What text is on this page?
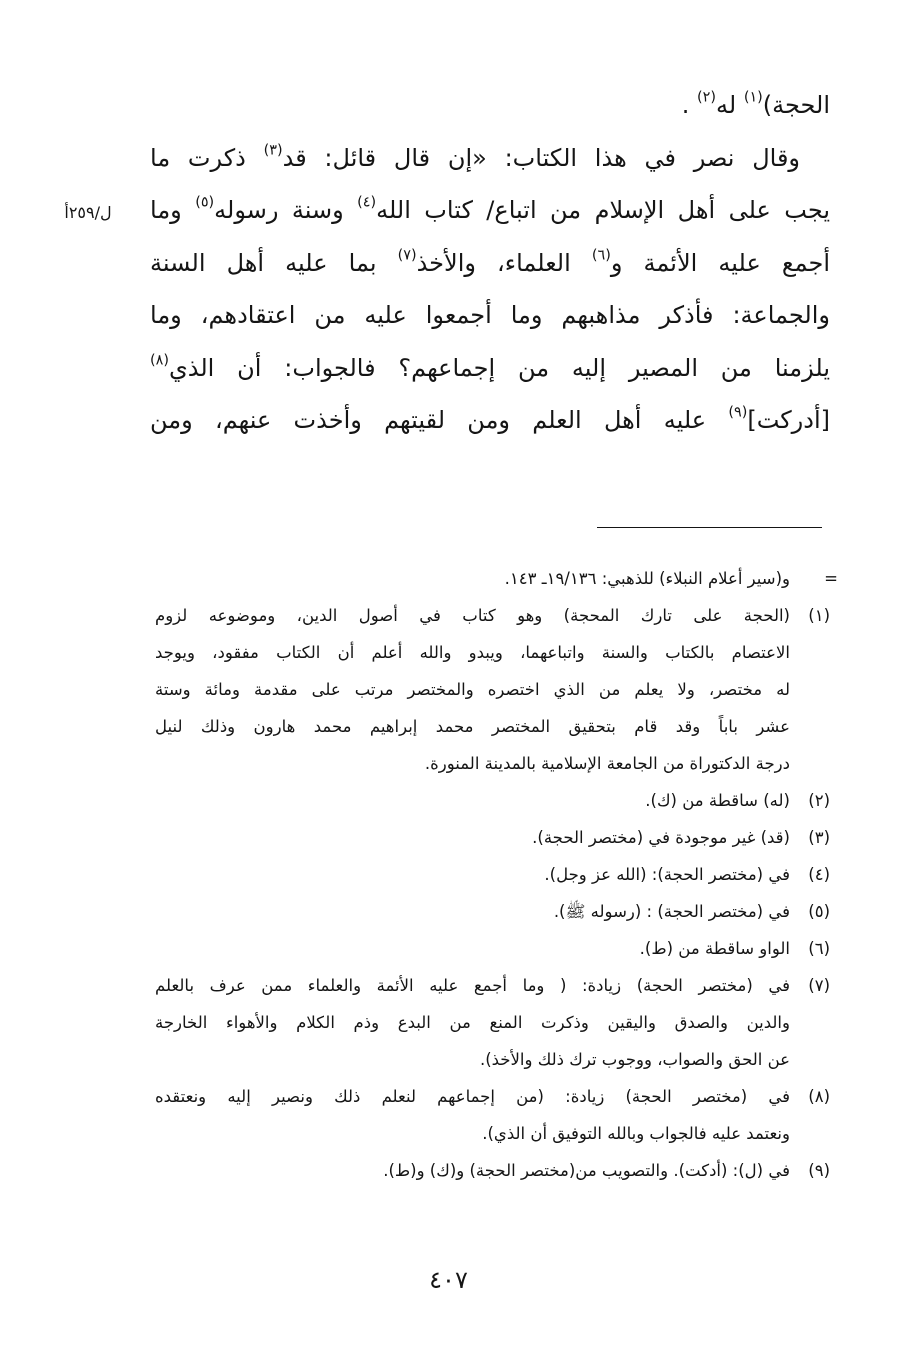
الحجة)$^{(١)}$ له$^{(٢)}$ .
وقال نصر في هذا الكتاب: «إن قال قائل: قد$^{(٣)}$ ذكرت ما
يجب على أهل الإسلام من اتباع/ كتاب الله$^{(٤)}$ وسنة رسوله$^{(٥)}$ وما
أجمع عليه الأئمة و$^{(٦)}$ العلماء، والأخذ$^{(٧)}$ بما عليه أهل السنة
والجماعة: فأذكر مذاهبهم وما أجمعوا عليه من اعتقادهم، وما
يلزمنا من المصير إليه من إجماعهم؟ فالجواب: أن الذي$^{(٨)}$
[أدركت]$^{(٩)}$ عليه أهل العلم ومن لقيتهم وأخذت عنهم، ومن
ل/٢٥٩أ
=
و(سير أعلام النبلاء) للذهبي: ١٩/١٣٦ـ ١٤٣.
(١)
(الحجة على تارك المحجة) وهو كتاب في أصول الدين، وموضوعه لزوم
الاعتصام بالكتاب والسنة واتباعهما، ويبدو والله أعلم أن الكتاب مفقود، ويوجد
له مختصر، ولا يعلم من الذي اختصره والمختصر مرتب على مقدمة ومائة وستة
عشر باباً وقد قام بتحقيق المختصر محمد إبراهيم محمد هارون وذلك لنيل
درجة الدكتوراة من الجامعة الإسلامية بالمدينة المنورة.
(٢)
(له) ساقطة من (ك).
(٣)
(قد) غير موجودة في (مختصر الحجة).
(٤)
في (مختصر الحجة): (الله عز وجل).
(٥)
في (مختصر الحجة) : (رسوله ﷺ).
(٦)
الواو ساقطة من (ط).
(٧)
في (مختصر الحجة) زيادة: ( وما أجمع عليه الأئمة والعلماء ممن عرف بالعلم
والدين والصدق واليقين وذكرت المنع من البدع وذم الكلام والأهواء الخارجة
عن الحق والصواب، ووجوب ترك ذلك والأخذ).
(٨)
في (مختصر الحجة) زيادة: (من إجماعهم لنعلم ذلك ونصير إليه ونعتقده
ونعتمد عليه فالجواب وبالله التوفيق أن الذي).
(٩)
في (ل): (أدكت). والتصويب من(مختصر الحجة) و(ك) و(ط).
٤٠٧
